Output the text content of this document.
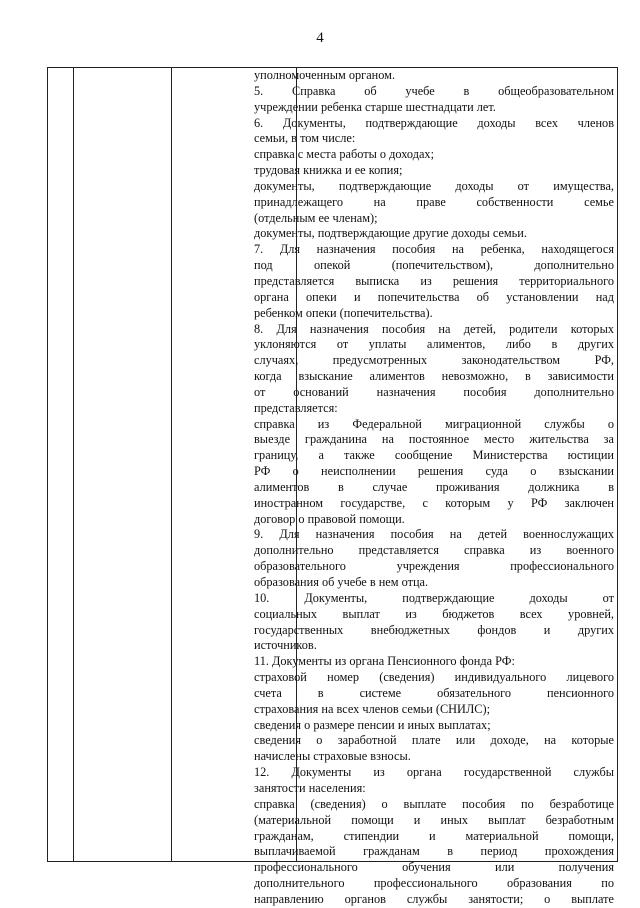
4
уполномоченным органом.
5. Справка об учебе в общеобразовательном
учреждении ребенка старше шестнадцати лет.
6. Документы, подтверждающие доходы всех членов
семьи, в том числе:
справка с места работы о доходах;
трудовая книжка и ее копия;
документы, подтверждающие доходы от имущества,
принадлежащего на праве собственности семье
(отдельным ее членам);
документы, подтверждающие другие доходы семьи.
7. Для назначения пособия на ребенка, находящегося
под опекой (попечительством), дополнительно
представляется выписка из решения территориального
органа опеки и попечительства об установлении над
ребенком опеки (попечительства).
8. Для назначения пособия на детей, родители которых
уклоняются от уплаты алиментов, либо в других
случаях, предусмотренных законодательством РФ,
когда взыскание алиментов невозможно, в зависимости
от оснований назначения пособия дополнительно
представляется:
справка из Федеральной миграционной службы о
выезде гражданина на постоянное место жительства за
границу, а также сообщение Министерства юстиции
РФ о неисполнении решения суда о взыскании
алиментов в случае проживания должника в
иностранном государстве, с которым у РФ заключен
договор о правовой помощи.
9. Для назначения пособия на детей военнослужащих
дополнительно представляется справка из военного
образовательного учреждения профессионального
образования об учебе в нем отца.
10. Документы, подтверждающие доходы от
социальных выплат из бюджетов всех уровней,
государственных внебюджетных фондов и других
источников.
11. Документы из органа Пенсионного фонда РФ:
страховой номер (сведения) индивидуального лицевого
счета в системе обязательного пенсионного
страхования на всех членов семьи (СНИЛС);
сведения о размере пенсии и иных выплатах;
сведения о заработной плате или доходе, на которые
начислены страховые взносы.
12. Документы из органа государственной службы
занятости населения:
справка (сведения) о выплате пособия по безработице
(материальной помощи и иных выплат безработным
гражданам, стипендии и материальной помощи,
выплачиваемой гражданам в период прохождения
профессионального обучения или получения
дополнительного профессионального образования по
направлению органов службы занятости; о выплате
